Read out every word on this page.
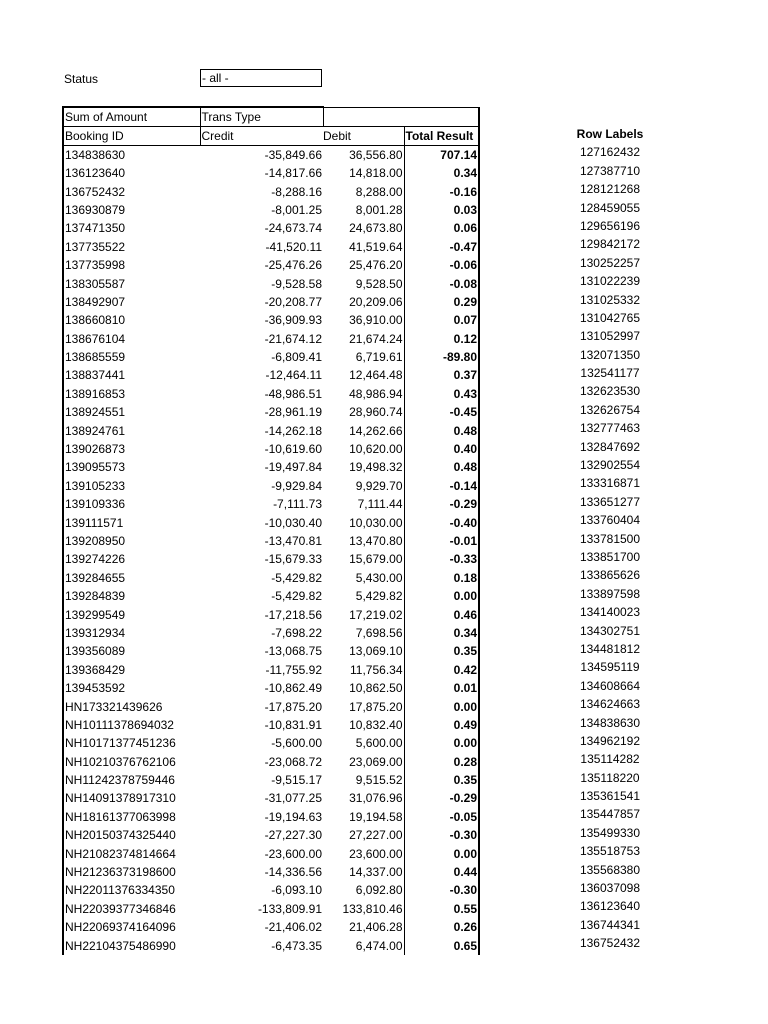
Status	- all -
Sum of Amount	Trans Type		
Booking ID	Credit	Debit	Total Result
134838630	-35,849.66	36,556.80	707.14
136123640	-14,817.66	14,818.00	0.34
136752432	-8,288.16	8,288.00	-0.16
136930879	-8,001.25	8,001.28	0.03
137471350	-24,673.74	24,673.80	0.06
137735522	-41,520.11	41,519.64	-0.47
137735998	-25,476.26	25,476.20	-0.06
138305587	-9,528.58	9,528.50	-0.08
138492907	-20,208.77	20,209.06	0.29
138660810	-36,909.93	36,910.00	0.07
138676104	-21,674.12	21,674.24	0.12
138685559	-6,809.41	6,719.61	-89.80
138837441	-12,464.11	12,464.48	0.37
138916853	-48,986.51	48,986.94	0.43
138924551	-28,961.19	28,960.74	-0.45
138924761	-14,262.18	14,262.66	0.48
139026873	-10,619.60	10,620.00	0.40
139095573	-19,497.84	19,498.32	0.48
139105233	-9,929.84	9,929.70	-0.14
139109336	-7,111.73	7,111.44	-0.29
139111571	-10,030.40	10,030.00	-0.40
139208950	-13,470.81	13,470.80	-0.01
139274226	-15,679.33	15,679.00	-0.33
139284655	-5,429.82	5,430.00	0.18
139284839	-5,429.82	5,429.82	0.00
139299549	-17,218.56	17,219.02	0.46
139312934	-7,698.22	7,698.56	0.34
139356089	-13,068.75	13,069.10	0.35
139368429	-11,755.92	11,756.34	0.42
139453592	-10,862.49	10,862.50	0.01
HN173321439626	-17,875.20	17,875.20	0.00
NH10111378694032	-10,831.91	10,832.40	0.49
NH10171377451236	-5,600.00	5,600.00	0.00
NH10210376762106	-23,068.72	23,069.00	0.28
NH11242378759446	-9,515.17	9,515.52	0.35
NH14091378917310	-31,077.25	31,076.96	-0.29
NH18161377063998	-19,194.63	19,194.58	-0.05
NH20150374325440	-27,227.30	27,227.00	-0.30
NH21082374814664	-23,600.00	23,600.00	0.00
NH21236373198600	-14,336.56	14,337.00	0.44
NH22011376334350	-6,093.10	6,092.80	-0.30
NH22039377346846	-133,809.91	133,810.46	0.55
NH22069374164096	-21,406.02	21,406.28	0.26
NH22104375486990	-6,473.35	6,474.00	0.65
Row Labels
127162432
127387710
128121268
128459055
129656196
129842172
130252257
131022239
131025332
131042765
131052997
132071350
132541177
132623530
132626754
132777463
132847692
132902554
133316871
133651277
133760404
133781500
133851700
133865626
133897598
134140023
134302751
134481812
134595119
134608664
134624663
134838630
134962192
135114282
135118220
135361541
135447857
135499330
135518753
135568380
136037098
136123640
136744341
136752432
